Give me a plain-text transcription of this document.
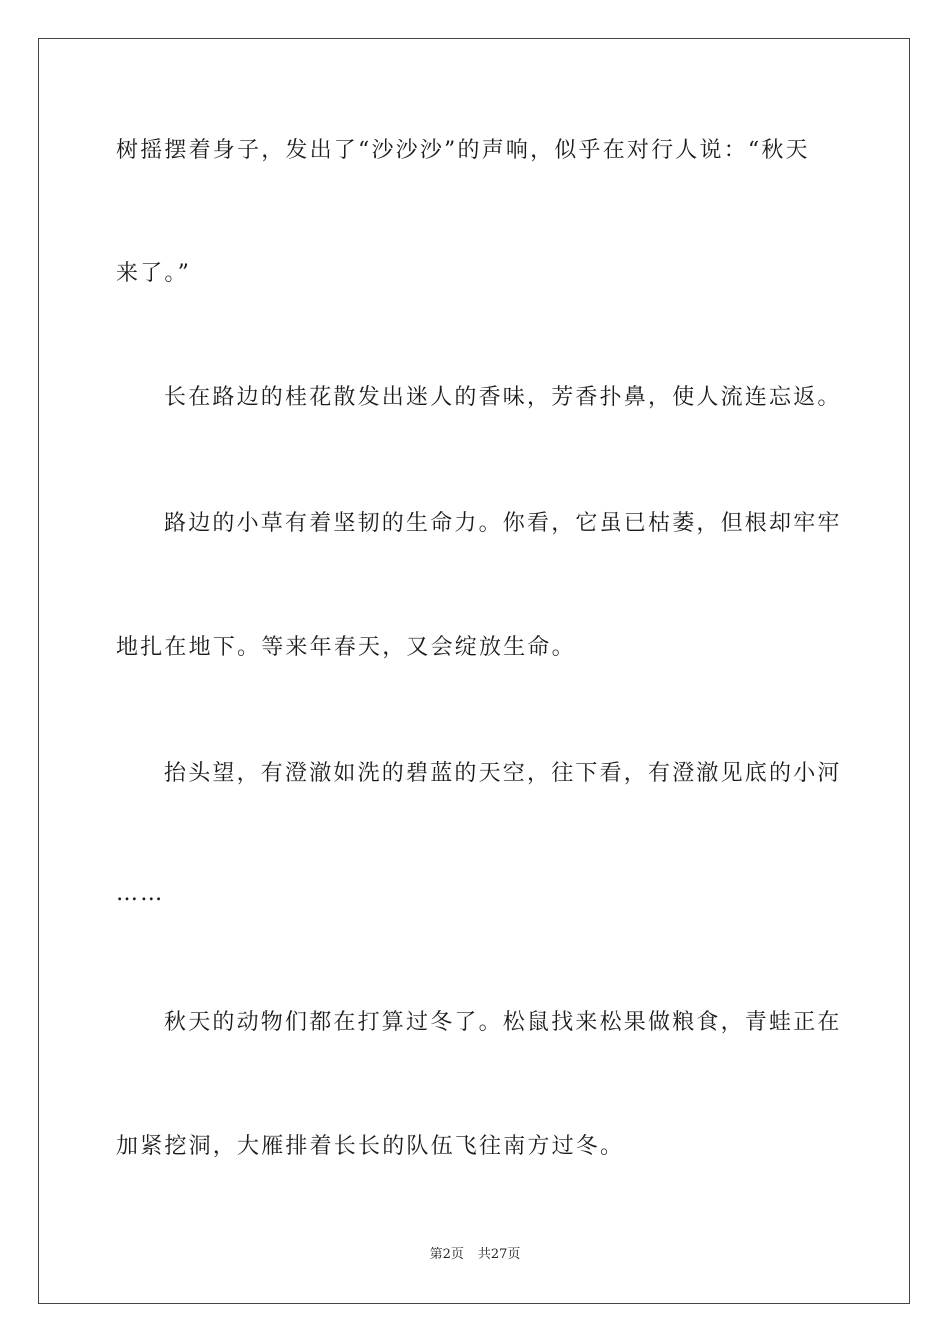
树摇摆着身子，发出了“沙沙沙”的声响，似乎在对行人说：“秋天
来了。”
长在路边的桂花散发出迷人的香味，芳香扑鼻，使人流连忘返。
路边的小草有着坚韧的生命力。你看，它虽已枯萎，但根却牢牢
地扎在地下。等来年春天，又会绽放生命。
抬头望，有澄澈如洗的碧蓝的天空，往下看，有澄澈见底的小河
……
秋天的动物们都在打算过冬了。松鼠找来松果做粮食，青蛙正在
加紧挖洞，大雁排着长长的队伍飞往南方过冬。
第2页 共27页
